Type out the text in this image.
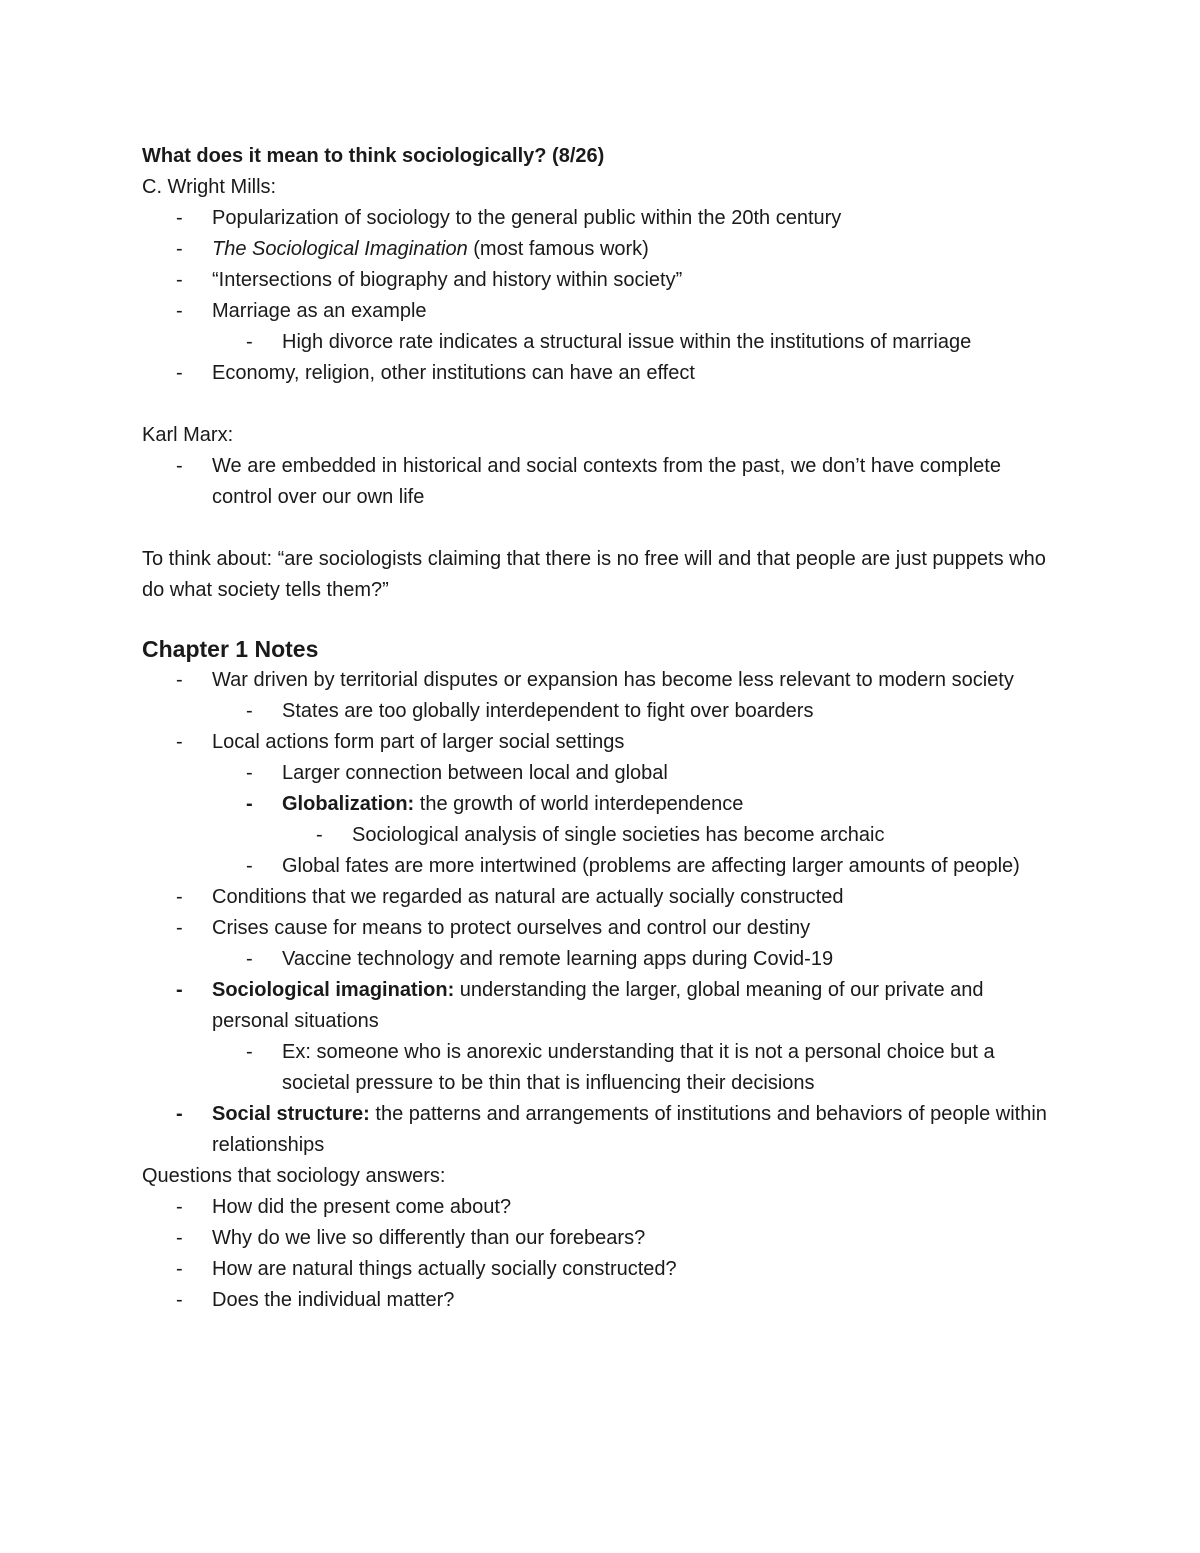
What does it mean to think sociologically? (8/26)

C. Wright Mills:

- Popularization of sociology to the general public within the 20th century
- The Sociological Imagination (most famous work)
- “Intersections of biography and history within society”
- Marriage as an example
- High divorce rate indicates a structural issue within the institutions of marriage
- Economy, religion, other institutions can have an effect

Karl Marx:

- We are embedded in historical and social contexts from the past, we don’t have complete control over our own life

To think about: “are sociologists claiming that there is no free will and that people are just puppets who do what society tells them?”

Chapter 1 Notes

- War driven by territorial disputes or expansion has become less relevant to modern society
- States are too globally interdependent to fight over boarders
- Local actions form part of larger social settings
- Larger connection between local and global
- Globalization: the growth of world interdependence
- Sociological analysis of single societies has become archaic
- Global fates are more intertwined (problems are affecting larger amounts of people)
- Conditions that we regarded as natural are actually socially constructed
- Crises cause for means to protect ourselves and control our destiny
- Vaccine technology and remote learning apps during Covid-19
- Sociological imagination: understanding the larger, global meaning of our private and personal situations
- Ex: someone who is anorexic understanding that it is not a personal choice but a societal pressure to be thin that is influencing their decisions
- Social structure: the patterns and arrangements of institutions and behaviors of people within relationships

Questions that sociology answers:

- How did the present come about?
- Why do we live so differently than our forebears?
- How are natural things actually socially constructed?
- Does the individual matter?
